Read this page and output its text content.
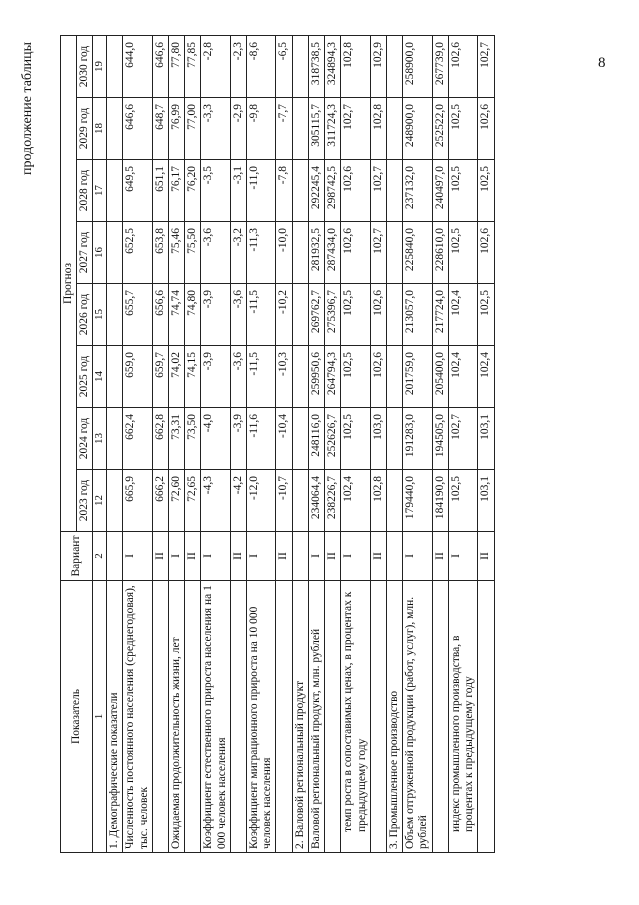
8
продолжение таблицы
Показатель	Вариант	Прогноз							
		2023 год	2024 год	2025 год	2026 год	2027 год	2028 год	2029 год	2030 год
1	2	12	13	14	15	16	17	18	19
1. Демографические показатели									
Численность постоянного населения (среднегодовая), тыс. человек	I	665,9	662,4	659,0	655,7	652,5	649,5	646,6	644,0
	II	666,2	662,8	659,7	656,6	653,8	651,1	648,7	646,6
Ожидаемая продолжительность жизни, лет	I	72,60	73,31	74,02	74,74	75,46	76,17	76,99	77,80
	II	72,65	73,50	74,15	74,80	75,50	76,20	77,00	77,85
Коэффициент естественного прироста населения на 1 000 человек населения	I	-4,3	-4,0	-3,9	-3,9	-3,6	-3,5	-3,3	-2,8
	II	-4,2	-3,9	-3,6	-3,6	-3,2	-3,1	-2,9	-2,3
Коэффициент миграционного прироста на 10 000 человек населения	I	-12,0	-11,6	-11,5	-11,5	-11,3	-11,0	-9,8	-8,6
	II	-10,7	-10,4	-10,3	-10,2	-10,0	-7,8	-7,7	-6,5
2. Валовой региональный продукт									
Валовой региональный продукт, млн. рублей	I	234064,4	248116,0	259950,6	269762,7	281932,5	292245,4	305115,7	318738,5
	II	238226,7	252626,7	264794,3	275396,7	287434,0	298742,5	311724,3	324894,3
темп роста в сопоставимых ценах, в процентах к предыдущему году	I	102,4	102,5	102,5	102,5	102,6	102,6	102,7	102,8
	II	102,8	103,0	102,6	102,6	102,7	102,7	102,8	102,9
3. Промышленное производство									
Объем отгруженной продукции (работ, услуг), млн. рублей	I	179440,0	191283,0	201759,0	213057,0	225840,0	237132,0	248900,0	258900,0
	II	184190,0	194505,0	205400,0	217724,0	228610,0	240497,0	252522,0	267739,0
индекс промышленного производства, в процентах к предыдущему году	I	102,5	102,7	102,4	102,4	102,5	102,5	102,5	102,6
	II	103,1	103,1	102,4	102,5	102,6	102,5	102,6	102,7
